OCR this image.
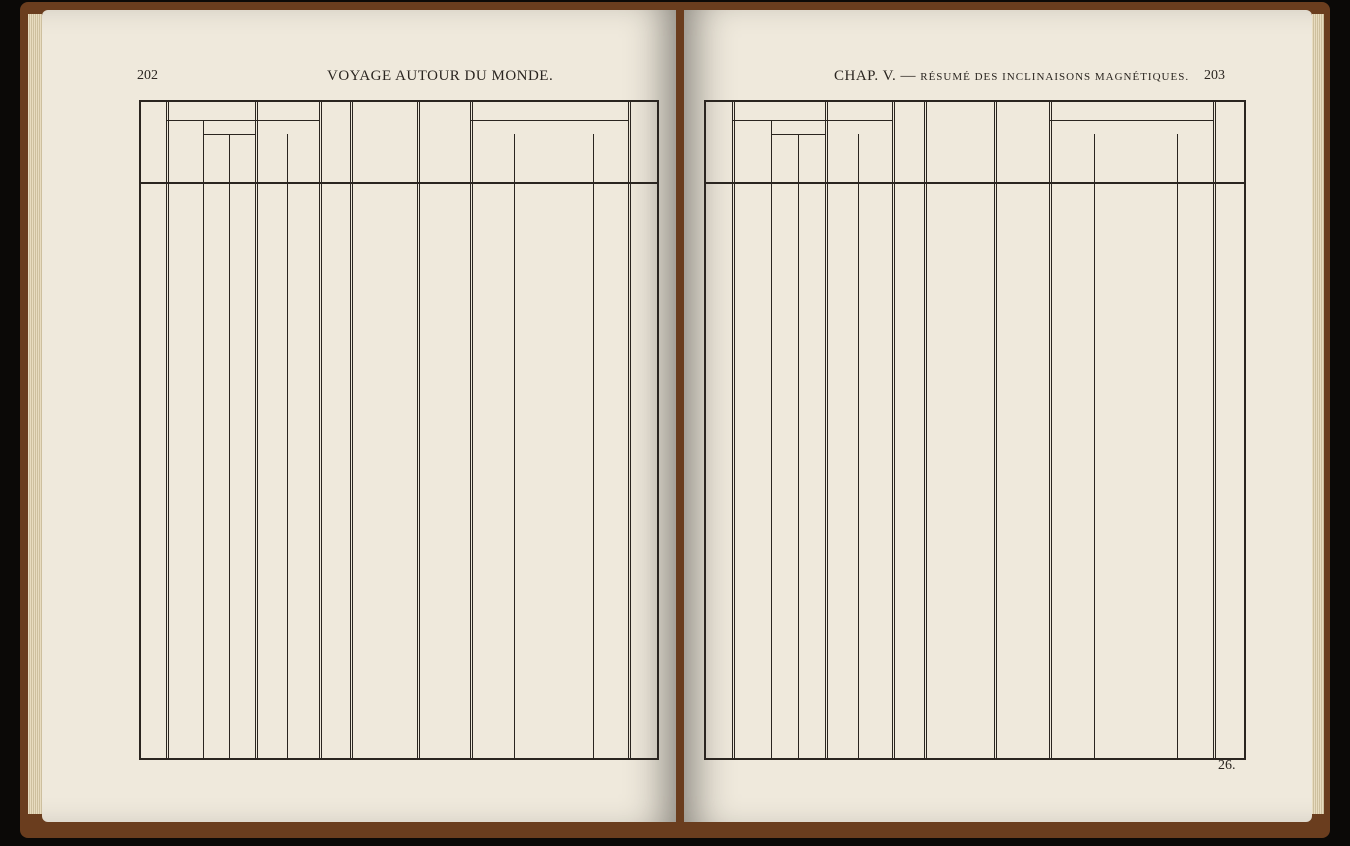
202	VOYAGE AUTOUR DU MONDE.	CHAP. V. — RÉSUMÉ DES INCLINAISONS MAGNÉTIQUES. 203
26.
